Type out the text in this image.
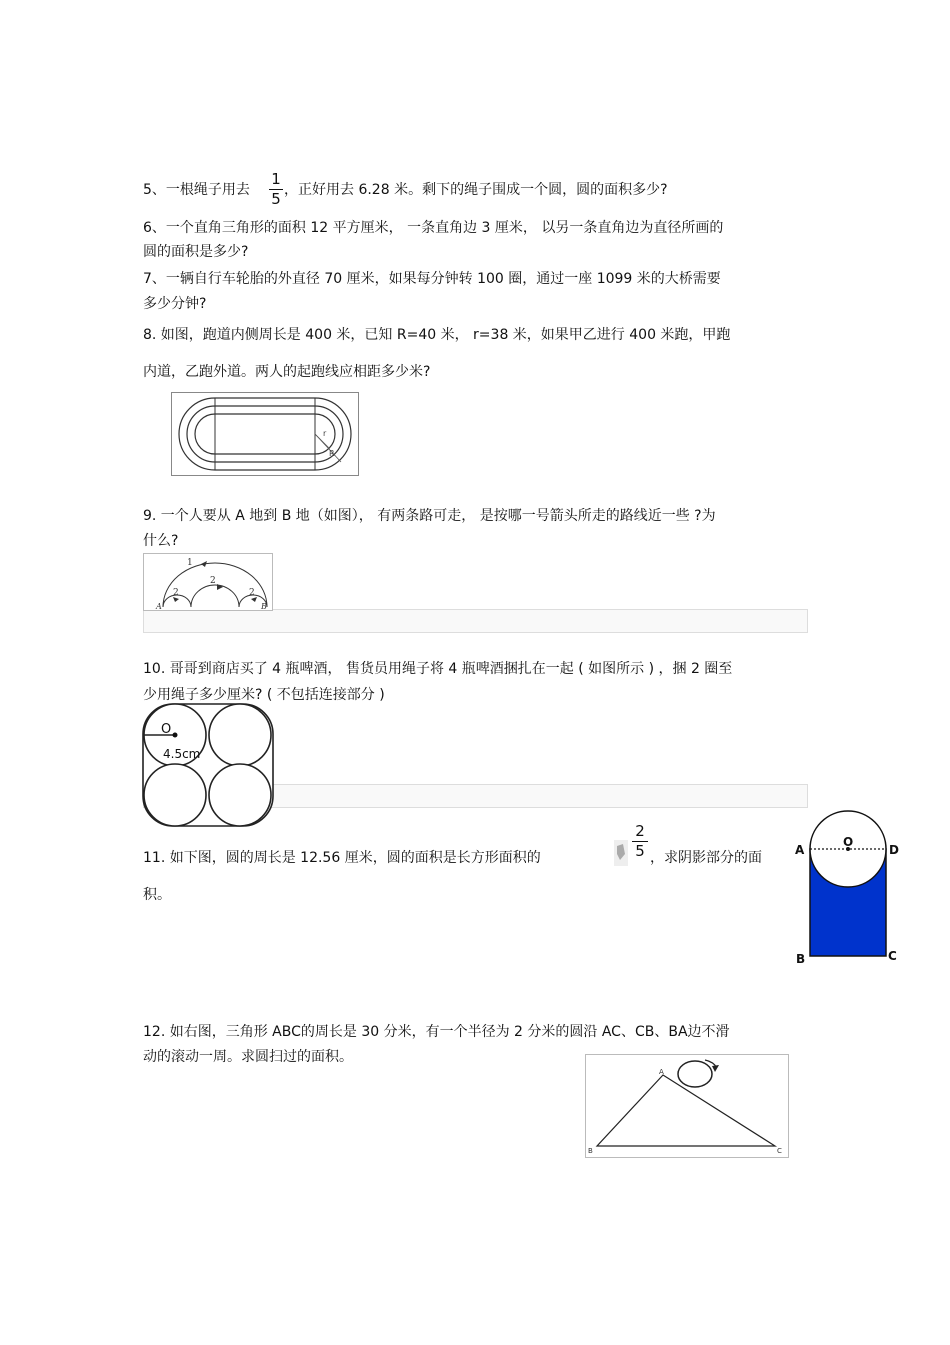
5、一根绳子用去
1
5 ，正好用去 6.28 米。剩下的绳子围成一个圆，圆的面积多少?
6、一个直角三角形的面积 12 平方厘米， 一条直角边 3 厘米， 以另一条直角边为直径所画的
圆的面积是多少?
7、一辆自行车轮胎的外直径 70 厘米，如果每分钟转 100 圈，通过一座 1099 米的大桥需要
多少分钟?
8. 如图，跑道内侧周长是 400 米，已知 R=40 米， r=38 米，如果甲乙进行 400 米跑，甲跑
内道，乙跑外道。两人的起跑线应相距多少米?
r
R
9. 一个人要从 A 地到 B 地（如图）， 有两条路可走， 是按哪一号箭头所走的路线近一些 ?为
什么?
1
2
2	2
A	B
10. 哥哥到商店买了 4 瓶啤酒， 售货员用绳子将 4 瓶啤酒捆扎在一起 ( 如图所示 ) ，捆 2 圈至
少用绳子多少厘米? ( 不包括连接部分 )
O
4.5cm
11. 如下图，圆的周长是 12.56 厘米，圆的面积是长方形面积的
2
5 ，求阴影部分的面
积。
O
A	D
B	C
12. 如右图，三角形 ABC的周长是 30 分米，有一个半径为 2 分米的圆沿 AC、CB、BA边不滑
动的滚动一周。求圆扫过的面积。
A
B	C
